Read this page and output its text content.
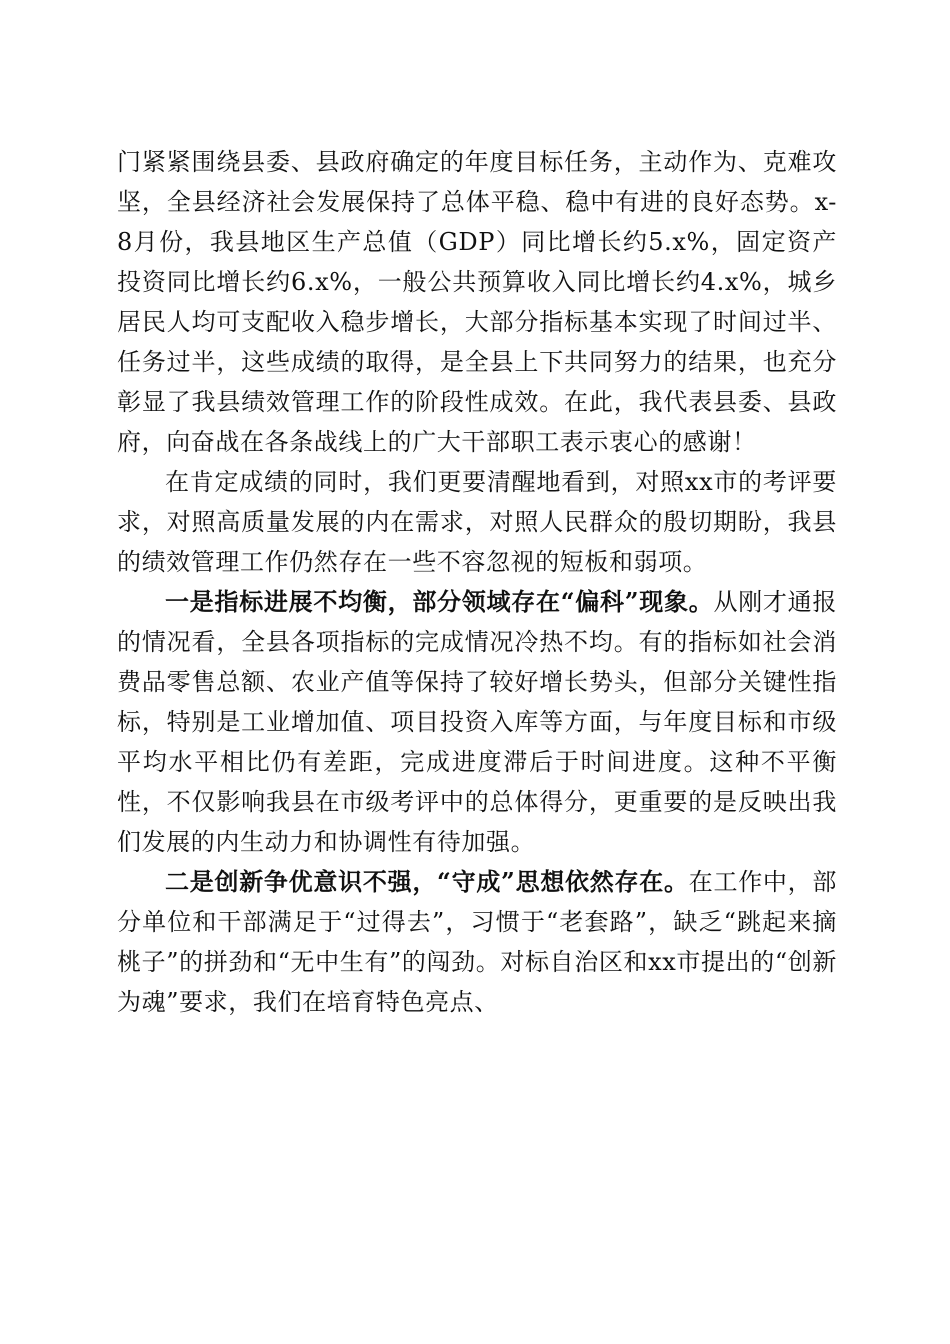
门紧紧围绕县委、县政府确定的年度目标任务，主动作为、克难攻坚，全县经济社会发展保持了总体平稳、稳中有进的良好态势。x-8月份，我县地区生产总值（GDP）同比增长约5.x%，固定资产投资同比增长约6.x%，一般公共预算收入同比增长约4.x%，城乡居民人均可支配收入稳步增长，大部分指标基本实现了时间过半、任务过半，这些成绩的取得，是全县上下共同努力的结果，也充分彰显了我县绩效管理工作的阶段性成效。在此，我代表县委、县政府，向奋战在各条战线上的广大干部职工表示衷心的感谢！

在肯定成绩的同时，我们更要清醒地看到，对照xx市的考评要求，对照高质量发展的内在需求，对照人民群众的殷切期盼，我县的绩效管理工作仍然存在一些不容忽视的短板和弱项。

一是指标进展不均衡，部分领域存在“偏科”现象。从刚才通报的情况看，全县各项指标的完成情况冷热不均。有的指标如社会消费品零售总额、农业产值等保持了较好增长势头，但部分关键性指标，特别是工业增加值、项目投资入库等方面，与年度目标和市级平均水平相比仍有差距，完成进度滞后于时间进度。这种不平衡性，不仅影响我县在市级考评中的总体得分，更重要的是反映出我们发展的内生动力和协调性有待加强。

二是创新争优意识不强，“守成”思想依然存在。在工作中，部分单位和干部满足于“过得去”，习惯于“老套路”，缺乏“跳起来摘桃子”的拼劲和“无中生有”的闯劲。对标自治区和xx市提出的“创新为魂”要求，我们在培育特色亮点、
